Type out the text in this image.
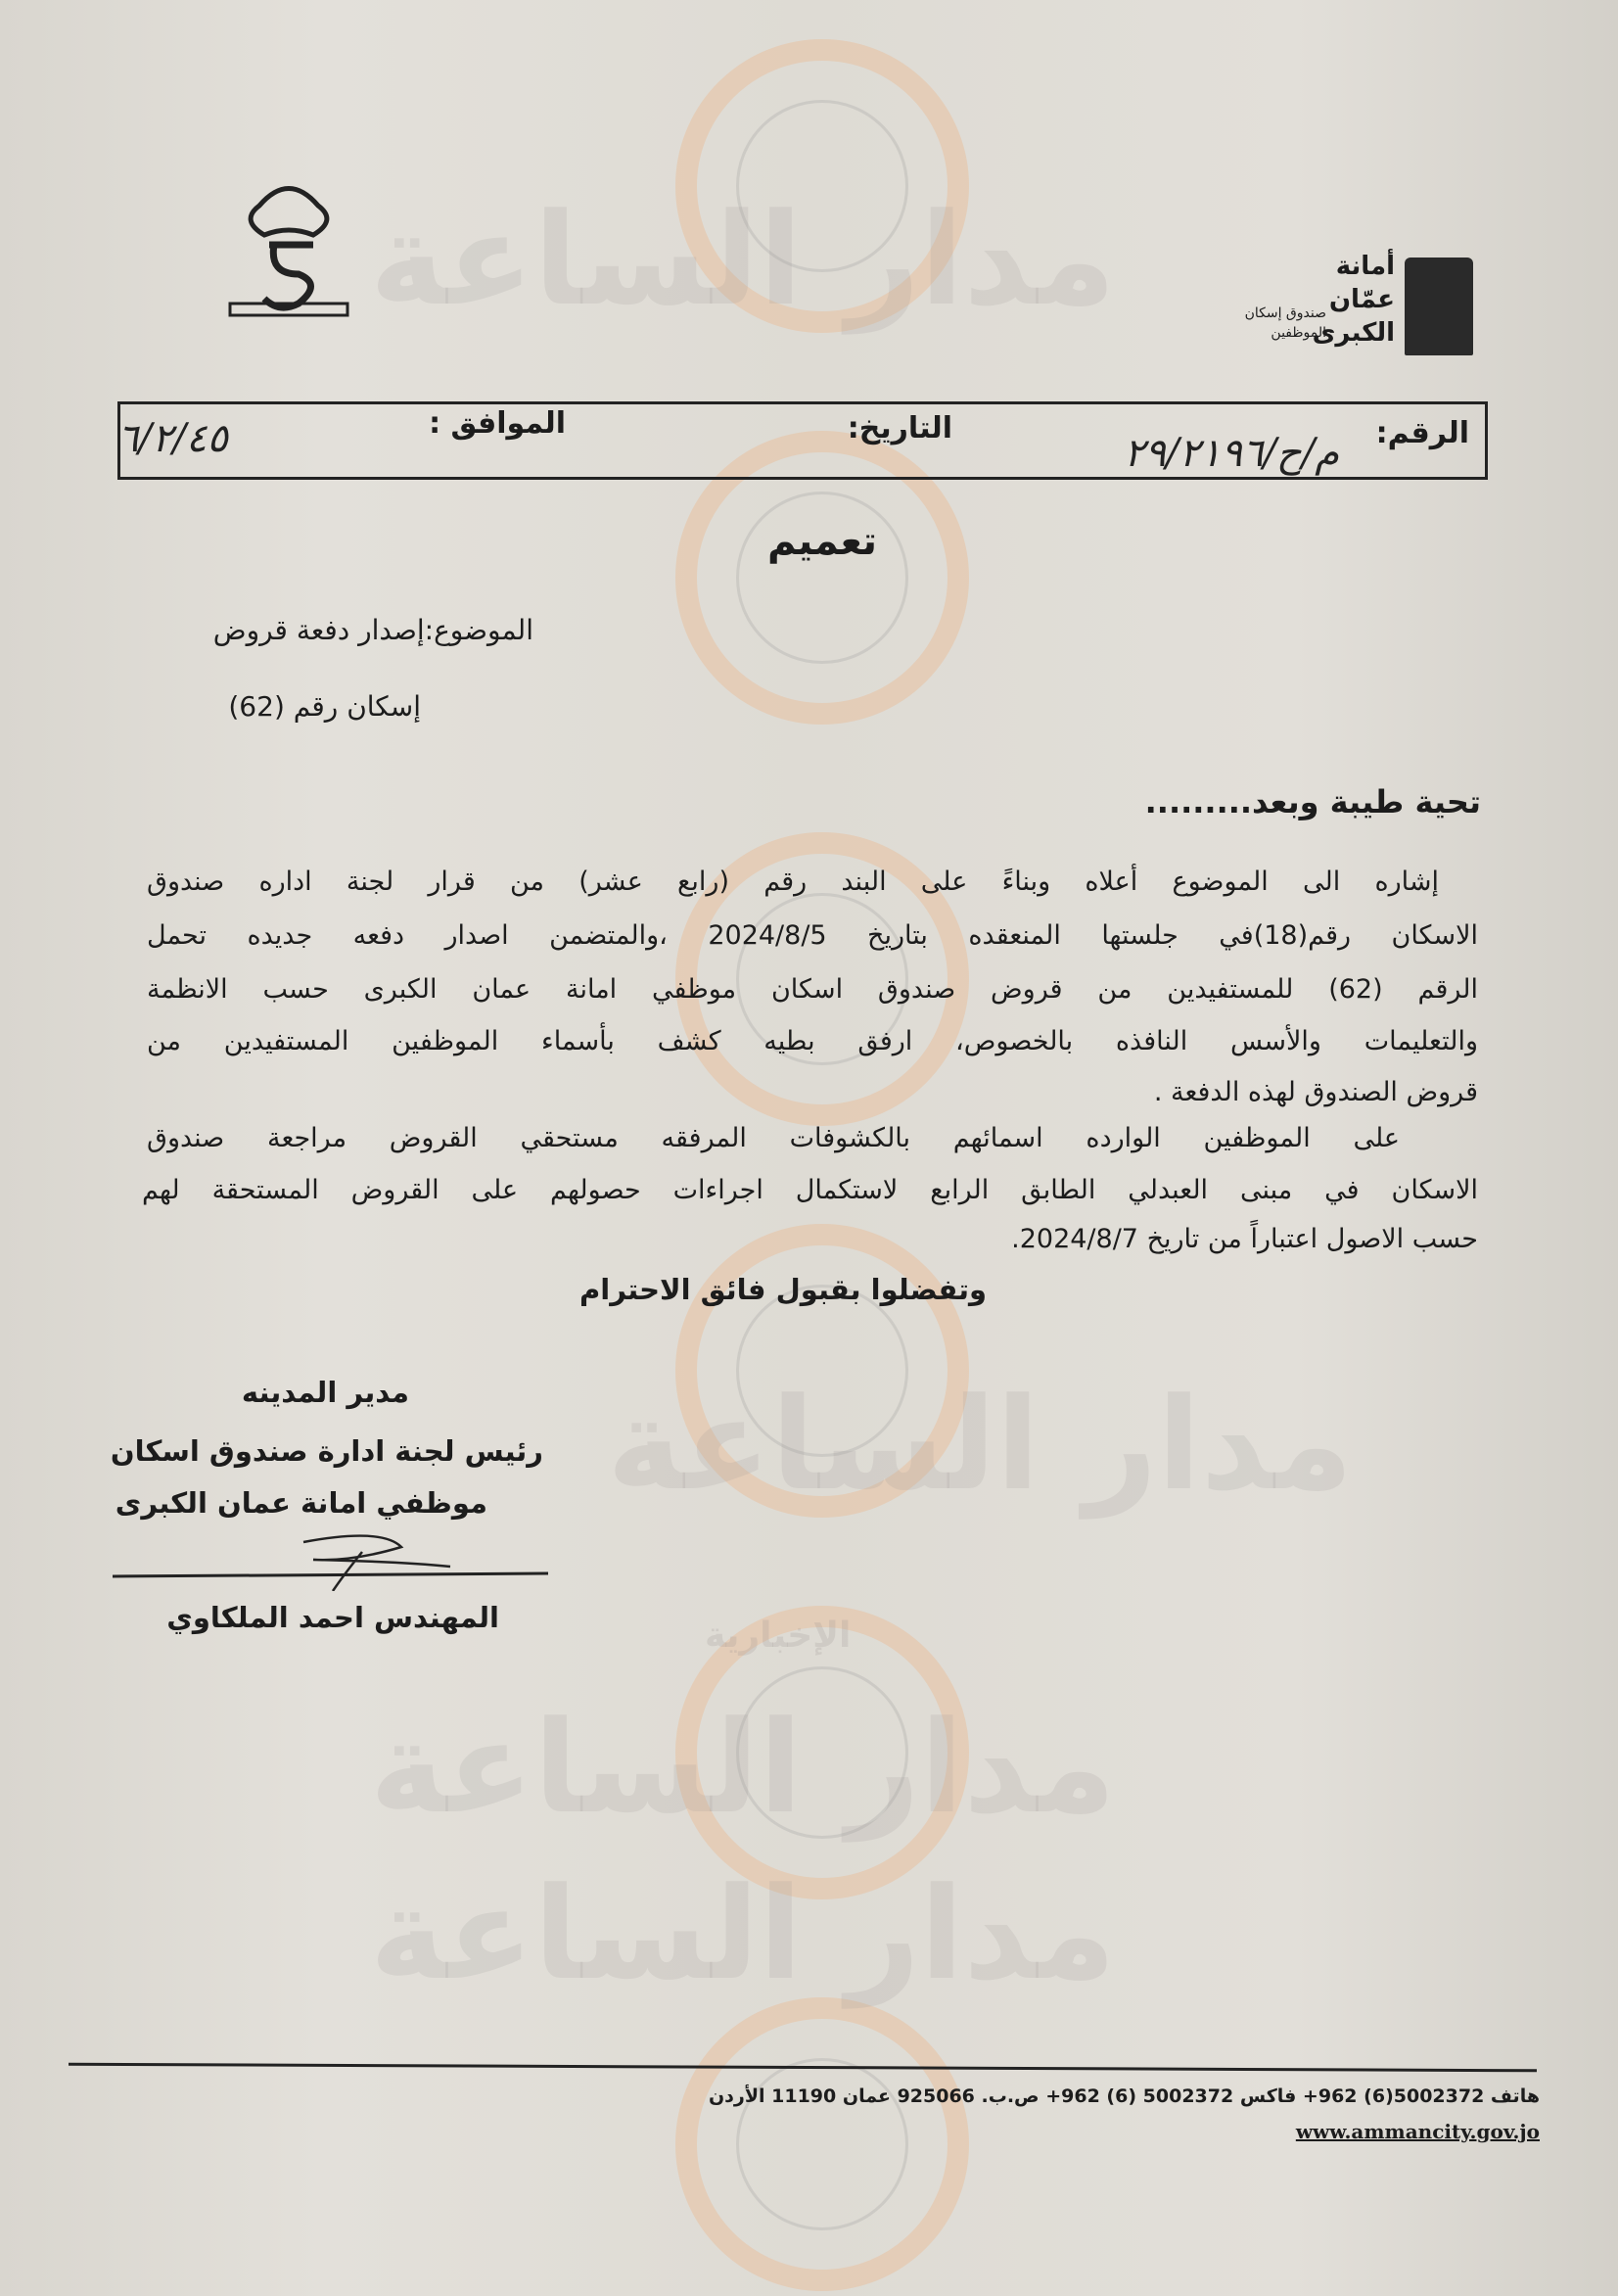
مدار الساعة
مدار الساعة
مدار الساعة
مدار الساعة
الإخبارية
أمانة
عمّان
الكبرى
صندوق إسكان
الموظفين
الرقم:
م/ح/٢٩/٢١٩٦
التاريخ:
الموافق :
٦/٢/٤٥
تعميم
الموضوع:إصدار دفعة قروض
إسكان رقم (62)
تحية طيبة وبعد.........
إشاره الى الموضوع أعلاه وبناءً على البند رقم (رابع عشر) من قرار لجنة اداره صندوق
الاسكان رقم(18)في جلستها المنعقده بتاريخ 2024/8/5 ،والمتضمن اصدار دفعه جديده تحمل
الرقم (62) للمستفيدين من قروض صندوق اسكان موظفي امانة عمان الكبرى حسب الانظمة
والتعليمات والأسس النافذه بالخصوص، ارفق بطيه كشف بأسماء الموظفين المستفيدين من
قروض الصندوق لهذه الدفعة .
على الموظفين الوارده اسمائهم بالكشوفات المرفقه مستحقي القروض مراجعة صندوق
الاسكان في مبنى العبدلي الطابق الرابع لاستكمال اجراءات حصولهم على القروض المستحقة لهم
حسب الاصول اعتباراً من تاريخ 2024/8/7.
وتفضلوا بقبول فائق الاحترام
مدير المدينه
رئيس لجنة ادارة صندوق اسكان
موظفي امانة عمان الكبرى
المهندس احمد الملكاوي
هاتف 5002372(6) 962+ فاكس 5002372 (6) 962+ ص.ب. 925066 عمان 11190 الأردن
www.ammancity.gov.jo
